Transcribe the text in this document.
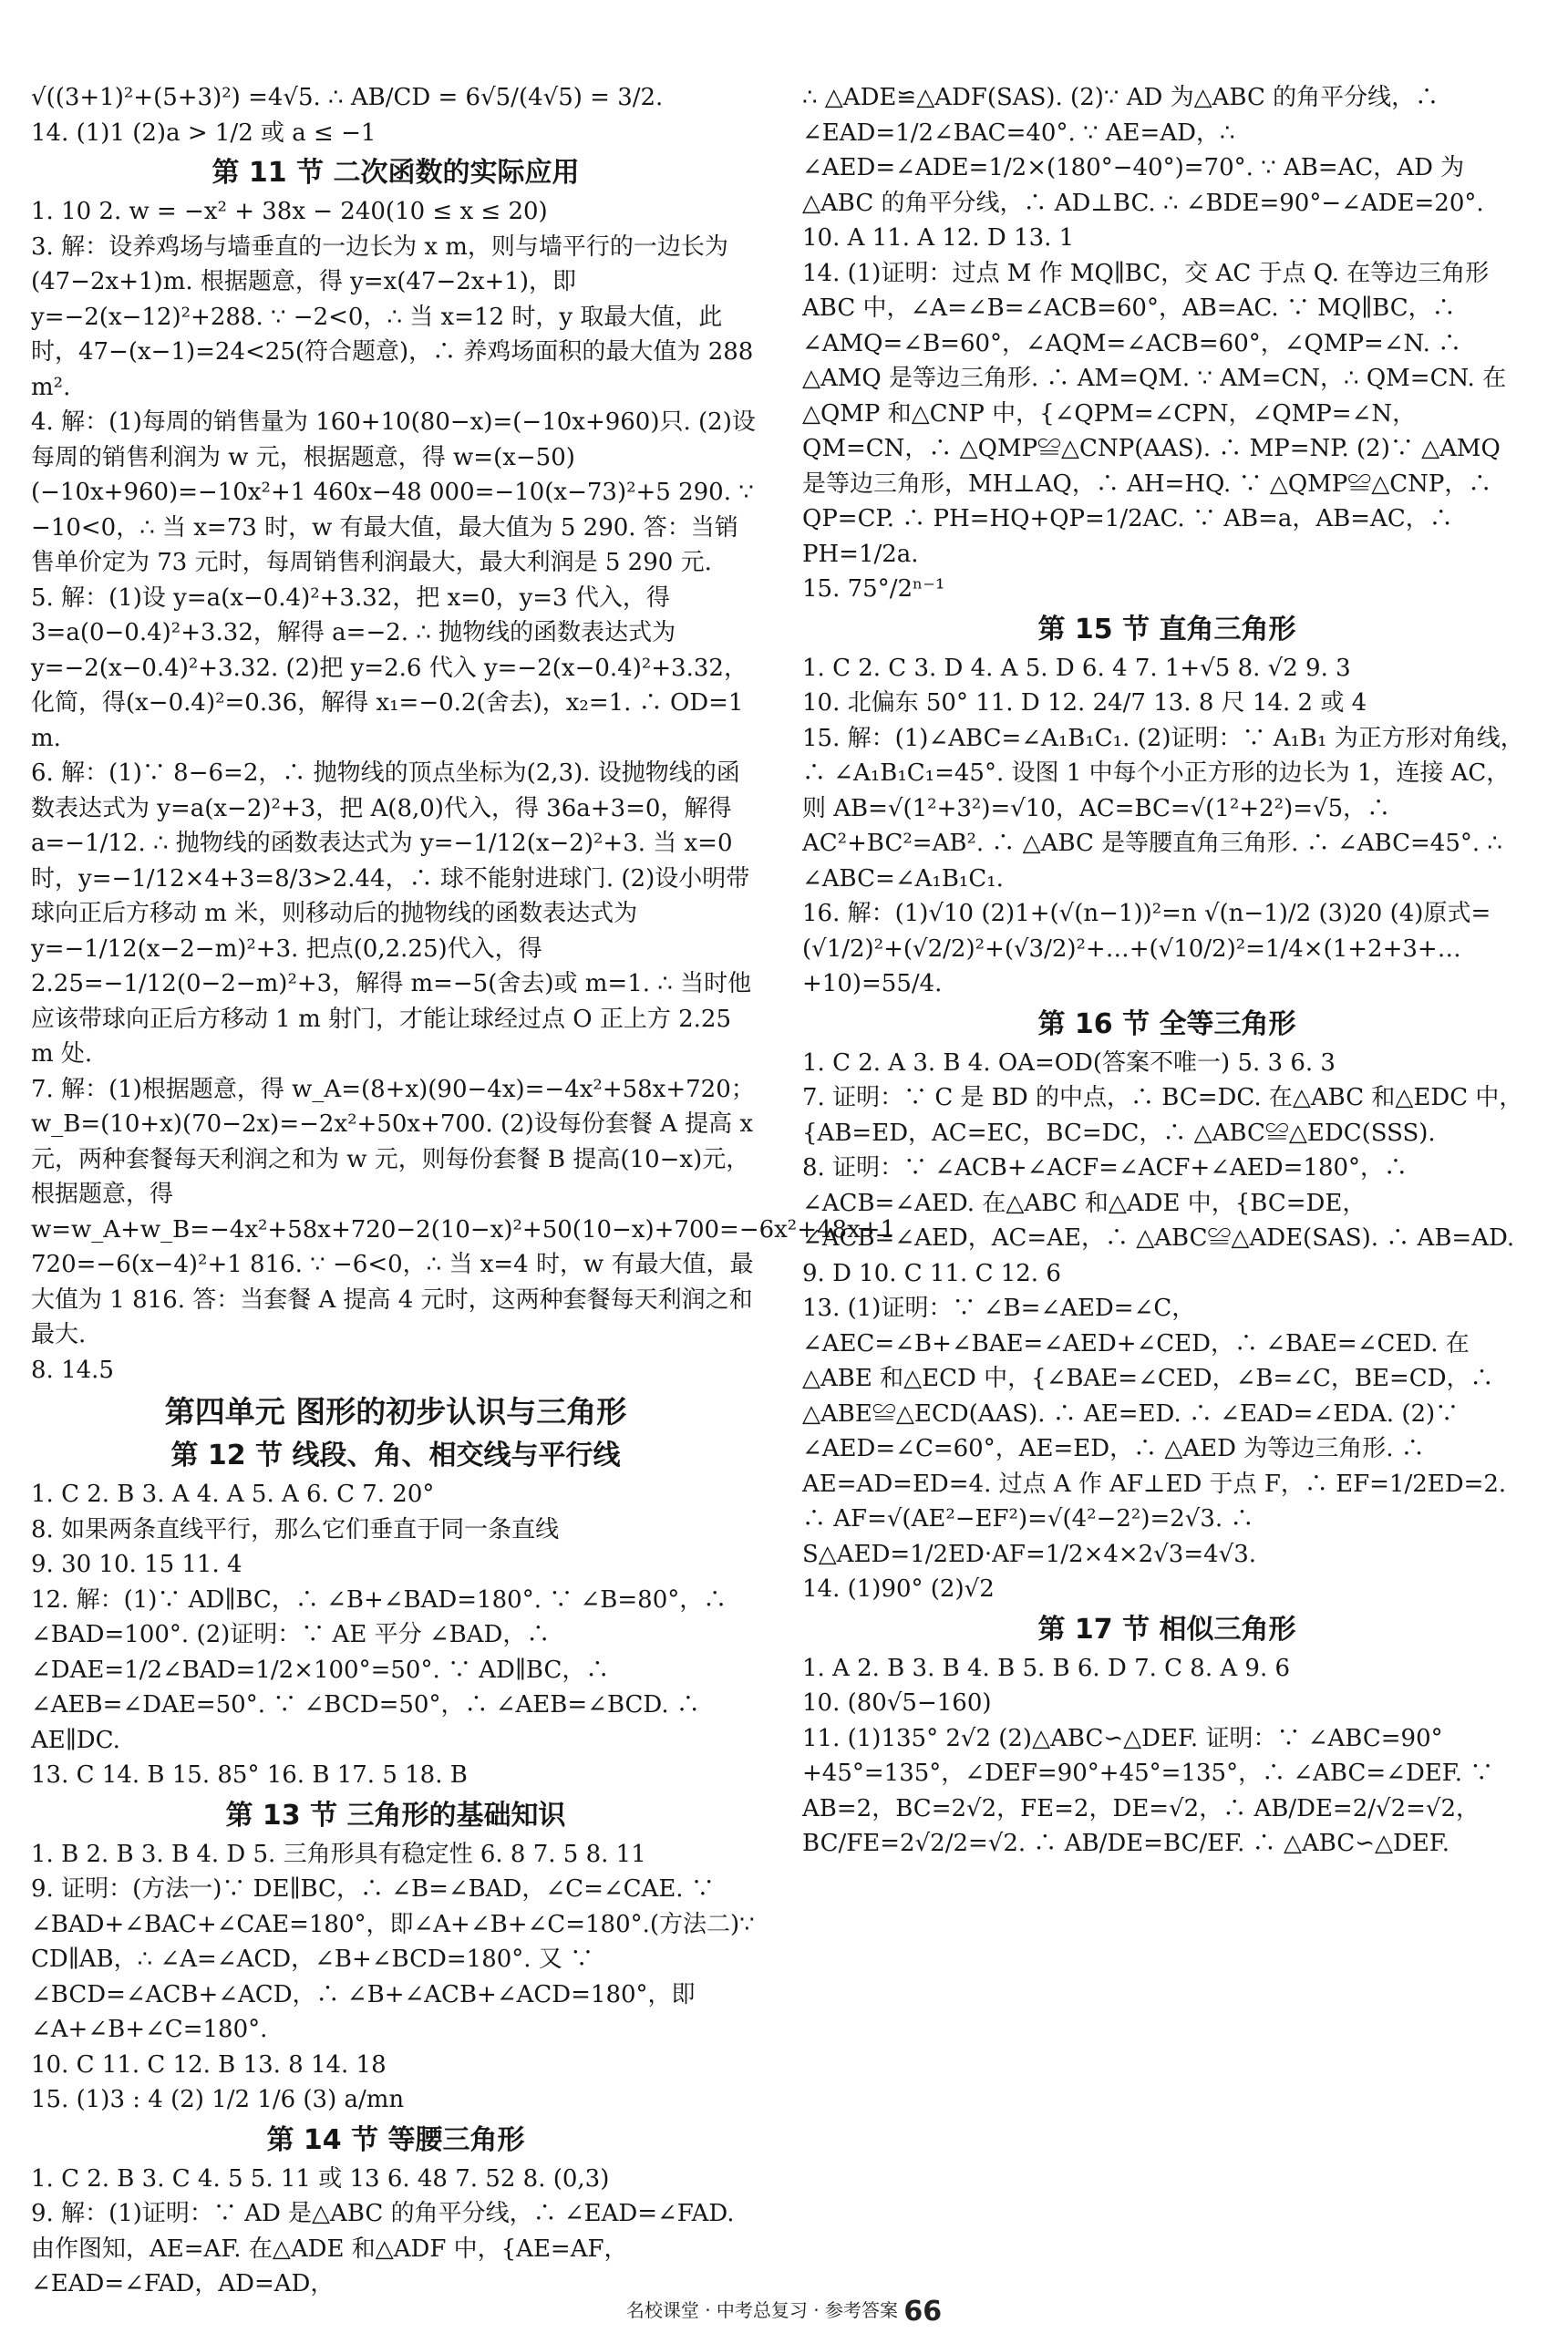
√((3+1)²+(5+3)²) =4√5. ∴ AB/CD = 6√5/(4√5) = 3/2.
14. (1)1 (2)a > 1/2 或 a ≤ −1
第 11 节 二次函数的实际应用
1. 10 2. w = −x² + 38x − 240(10 ≤ x ≤ 20)
3. 解：设养鸡场与墙垂直的一边长为 x m，则与墙平行的一边长为(47−2x+1)m. 根据题意，得 y=x(47−2x+1)，即 y=−2(x−12)²+288. ∵ −2<0，∴ 当 x=12 时，y 取最大值，此时，47−(x−1)=24<25(符合题意)，∴ 养鸡场面积的最大值为 288 m².
4. 解：(1)每周的销售量为 160+10(80−x)=(−10x+960)只. (2)设每周的销售利润为 w 元，根据题意，得 w=(x−50)(−10x+960)=−10x²+1 460x−48 000=−10(x−73)²+5 290. ∵ −10<0，∴ 当 x=73 时，w 有最大值，最大值为 5 290. 答：当销售单价定为 73 元时，每周销售利润最大，最大利润是 5 290 元.
5. 解：(1)设 y=a(x−0.4)²+3.32，把 x=0，y=3 代入，得 3=a(0−0.4)²+3.32，解得 a=−2. ∴ 抛物线的函数表达式为 y=−2(x−0.4)²+3.32. (2)把 y=2.6 代入 y=−2(x−0.4)²+3.32，化简，得(x−0.4)²=0.36，解得 x₁=−0.2(舍去)，x₂=1. ∴ OD=1 m.
6. 解：(1)∵ 8−6=2，∴ 抛物线的顶点坐标为(2,3). 设抛物线的函数表达式为 y=a(x−2)²+3，把 A(8,0)代入，得 36a+3=0，解得 a=−1/12. ∴ 抛物线的函数表达式为 y=−1/12(x−2)²+3. 当 x=0 时，y=−1/12×4+3=8/3>2.44，∴ 球不能射进球门. (2)设小明带球向正后方移动 m 米，则移动后的抛物线的函数表达式为 y=−1/12(x−2−m)²+3. 把点(0,2.25)代入，得 2.25=−1/12(0−2−m)²+3，解得 m=−5(舍去)或 m=1. ∴ 当时他应该带球向正后方移动 1 m 射门，才能让球经过点 O 正上方 2.25 m 处.
7. 解：(1)根据题意，得 w_A=(8+x)(90−4x)=−4x²+58x+720；w_B=(10+x)(70−2x)=−2x²+50x+700. (2)设每份套餐 A 提高 x 元，两种套餐每天利润之和为 w 元，则每份套餐 B 提高(10−x)元，根据题意，得 w=w_A+w_B=−4x²+58x+720−2(10−x)²+50(10−x)+700=−6x²+48x+1 720=−6(x−4)²+1 816. ∵ −6<0，∴ 当 x=4 时，w 有最大值，最大值为 1 816. 答：当套餐 A 提高 4 元时，这两种套餐每天利润之和最大.
8. 14.5
第四单元 图形的初步认识与三角形
第 12 节 线段、角、相交线与平行线
1. C 2. B 3. A 4. A 5. A 6. C 7. 20°
8. 如果两条直线平行，那么它们垂直于同一条直线
9. 30 10. 15 11. 4
12. 解：(1)∵ AD∥BC，∴ ∠B+∠BAD=180°. ∵ ∠B=80°，∴ ∠BAD=100°. (2)证明：∵ AE 平分 ∠BAD，∴ ∠DAE=1/2∠BAD=1/2×100°=50°. ∵ AD∥BC，∴ ∠AEB=∠DAE=50°. ∵ ∠BCD=50°，∴ ∠AEB=∠BCD. ∴ AE∥DC.
13. C 14. B 15. 85° 16. B 17. 5 18. B
第 13 节 三角形的基础知识
1. B 2. B 3. B 4. D 5. 三角形具有稳定性 6. 8 7. 5 8. 11
9. 证明：(方法一)∵ DE∥BC，∴ ∠B=∠BAD，∠C=∠CAE. ∵ ∠BAD+∠BAC+∠CAE=180°，即∠A+∠B+∠C=180°.(方法二)∵ CD∥AB，∴ ∠A=∠ACD，∠B+∠BCD=180°. 又 ∵ ∠BCD=∠ACB+∠ACD，∴ ∠B+∠ACB+∠ACD=180°，即∠A+∠B+∠C=180°.
10. C 11. C 12. B 13. 8 14. 18
15. (1)3 : 4 (2) 1/2 1/6 (3) a/mn
第 14 节 等腰三角形
1. C 2. B 3. C 4. 5 5. 11 或 13 6. 48 7. 52 8. (0,3)
9. 解：(1)证明：∵ AD 是△ABC 的角平分线，∴ ∠EAD=∠FAD. 由作图知，AE=AF. 在△ADE 和△ADF 中，{AE=AF，∠EAD=∠FAD，AD=AD，
∴ △ADE≌△ADF(SAS). (2)∵ AD 为△ABC 的角平分线，∴ ∠EAD=1/2∠BAC=40°. ∵ AE=AD，∴ ∠AED=∠ADE=1/2×(180°−40°)=70°. ∵ AB=AC，AD 为△ABC 的角平分线，∴ AD⊥BC. ∴ ∠BDE=90°−∠ADE=20°.
10. A 11. A 12. D 13. 1
14. (1)证明：过点 M 作 MQ∥BC，交 AC 于点 Q. 在等边三角形 ABC 中，∠A=∠B=∠ACB=60°，AB=AC. ∵ MQ∥BC，∴ ∠AMQ=∠B=60°，∠AQM=∠ACB=60°，∠QMP=∠N. ∴ △AMQ 是等边三角形. ∴ AM=QM. ∵ AM=CN，∴ QM=CN. 在△QMP 和△CNP 中，{∠QPM=∠CPN，∠QMP=∠N，QM=CN，∴ △QMP≌△CNP(AAS). ∴ MP=NP. (2)∵ △AMQ 是等边三角形，MH⊥AQ，∴ AH=HQ. ∵ △QMP≌△CNP，∴ QP=CP. ∴ PH=HQ+QP=1/2AC. ∵ AB=a，AB=AC，∴ PH=1/2a.
15. 75°/2ⁿ⁻¹
第 15 节 直角三角形
1. C 2. C 3. D 4. A 5. D 6. 4 7. 1+√5 8. √2 9. 3
10. 北偏东 50° 11. D 12. 24/7 13. 8 尺 14. 2 或 4
15. 解：(1)∠ABC=∠A₁B₁C₁. (2)证明：∵ A₁B₁ 为正方形对角线，∴ ∠A₁B₁C₁=45°. 设图 1 中每个小正方形的边长为 1，连接 AC，则 AB=√(1²+3²)=√10，AC=BC=√(1²+2²)=√5，∴ AC²+BC²=AB². ∴ △ABC 是等腰直角三角形. ∴ ∠ABC=45°. ∴ ∠ABC=∠A₁B₁C₁.
16. 解：(1)√10 (2)1+(√(n−1))²=n √(n−1)/2 (3)20 (4)原式=(√1/2)²+(√2/2)²+(√3/2)²+…+(√10/2)²=1/4×(1+2+3+…+10)=55/4.
第 16 节 全等三角形
1. C 2. A 3. B 4. OA=OD(答案不唯一) 5. 3 6. 3
7. 证明：∵ C 是 BD 的中点，∴ BC=DC. 在△ABC 和△EDC 中，{AB=ED，AC=EC，BC=DC，∴ △ABC≌△EDC(SSS).
8. 证明：∵ ∠ACB+∠ACF=∠ACF+∠AED=180°，∴ ∠ACB=∠AED. 在△ABC 和△ADE 中，{BC=DE，∠ACB=∠AED，AC=AE，∴ △ABC≌△ADE(SAS). ∴ AB=AD.
9. D 10. C 11. C 12. 6
13. (1)证明：∵ ∠B=∠AED=∠C，∠AEC=∠B+∠BAE=∠AED+∠CED，∴ ∠BAE=∠CED. 在△ABE 和△ECD 中，{∠BAE=∠CED，∠B=∠C，BE=CD，∴ △ABE≌△ECD(AAS). ∴ AE=ED. ∴ ∠EAD=∠EDA. (2)∵ ∠AED=∠C=60°，AE=ED，∴ △AED 为等边三角形. ∴ AE=AD=ED=4. 过点 A 作 AF⊥ED 于点 F，∴ EF=1/2ED=2. ∴ AF=√(AE²−EF²)=√(4²−2²)=2√3. ∴ S△AED=1/2ED·AF=1/2×4×2√3=4√3.
14. (1)90° (2)√2
第 17 节 相似三角形
1. A 2. B 3. B 4. B 5. B 6. D 7. C 8. A 9. 6
10. (80√5−160)
11. (1)135° 2√2 (2)△ABC∽△DEF. 证明：∵ ∠ABC=90°+45°=135°，∠DEF=90°+45°=135°，∴ ∠ABC=∠DEF. ∵ AB=2，BC=2√2，FE=2，DE=√2，∴ AB/DE=2/√2=√2，BC/FE=2√2/2=√2. ∴ AB/DE=BC/EF. ∴ △ABC∽△DEF.
名校课堂 · 中考总复习 · 参考答案 66
